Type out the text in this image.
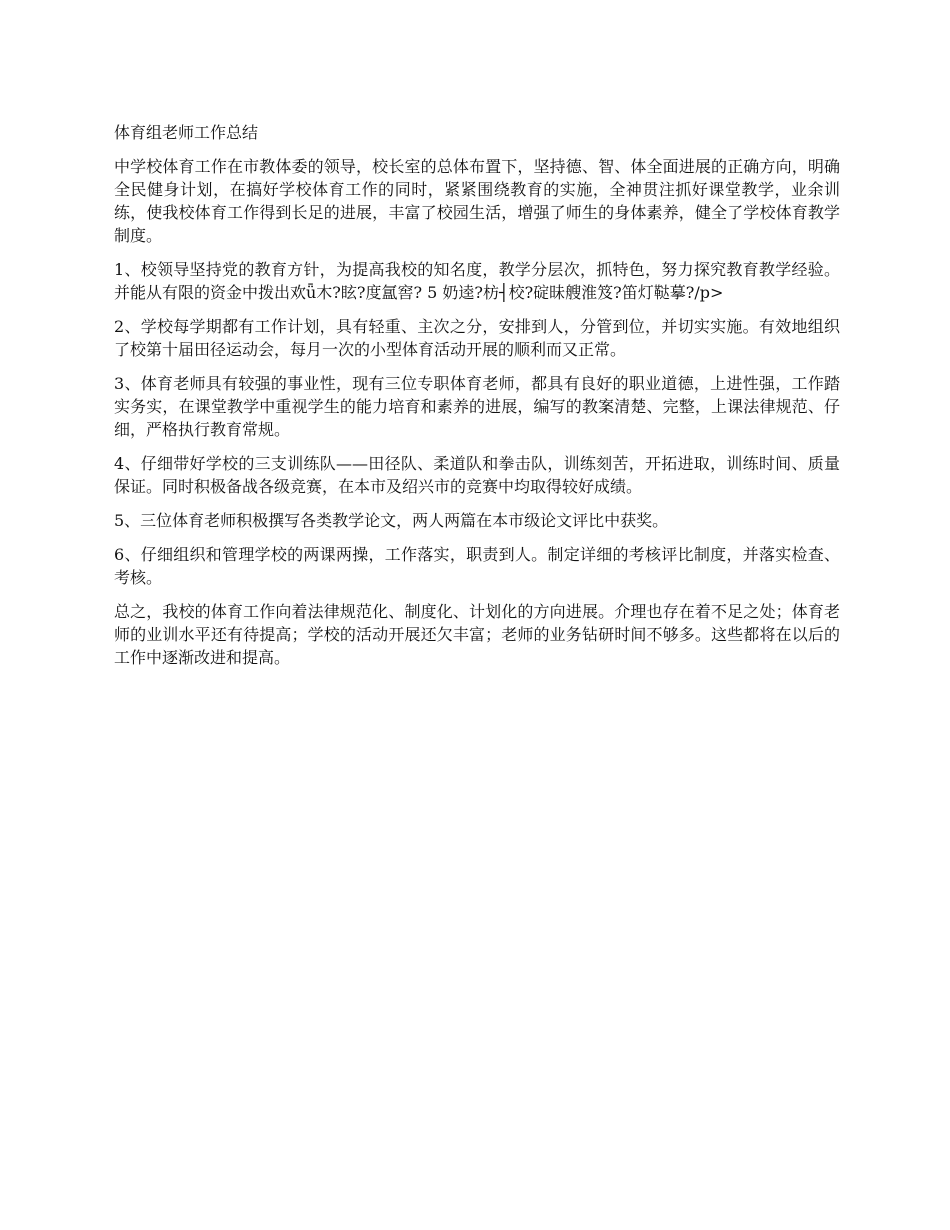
体育组老师工作总结

中学校体育工作在市教体委的领导，校长室的总体布置下，坚持德、智、体全面进展的正确方向，明确全民健身计划，在搞好学校体育工作的同时，紧紧围绕教育的实施，全神贯注抓好课堂教学，业余训练，使我校体育工作得到长足的进展，丰富了校园生活，增强了师生的身体素养，健全了学校体育教学制度。

1、校领导坚持党的教育方针，为提高我校的知名度，教学分层次，抓特色，努力探究教育教学经验。并能从有限的资金中拨出欢ǖ木?眩?度氲窖? 5 奶逵?枋┤校?碇昧艘淮笈?笛灯鞑摹?/p>

2、学校每学期都有工作计划，具有轻重、主次之分，安排到人，分管到位，并切实实施。有效地组织了校第十届田径运动会，每月一次的小型体育活动开展的顺利而又正常。

3、体育老师具有较强的事业性，现有三位专职体育老师，都具有良好的职业道德，上进性强，工作踏实务实，在课堂教学中重视学生的能力培育和素养的进展，编写的教案清楚、完整，上课法律规范、仔细，严格执行教育常规。

4、仔细带好学校的三支训练队——田径队、柔道队和拳击队，训练刻苦，开拓进取，训练时间、质量保证。同时积极备战各级竞赛，在本市及绍兴市的竞赛中均取得较好成绩。

5、三位体育老师积极撰写各类教学论文，两人两篇在本市级论文评比中获奖。

6、仔细组织和管理学校的两课两操，工作落实，职责到人。制定详细的考核评比制度，并落实检查、考核。

总之，我校的体育工作向着法律规范化、制度化、计划化的方向进展。介理也存在着不足之处；体育老师的业训水平还有待提高；学校的活动开展还欠丰富；老师的业务钻研时间不够多。这些都将在以后的工作中逐渐改进和提高。
